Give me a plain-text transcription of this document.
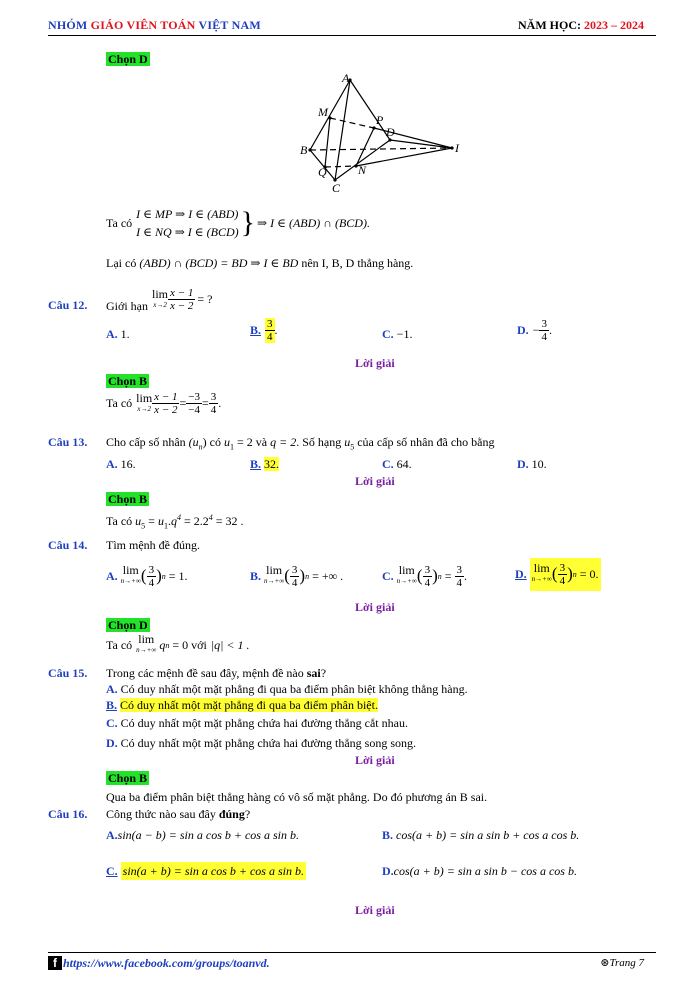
NHÓM GIÁO VIÊN TOÁN VIỆT NAM	NĂM HỌC: 2023 – 2024
Chọn D
A
M
P
D
B	I
Q	N
C
Ta có
I ∈ MP ⇒ I ∈ (ABD)
I ∈ NQ ⇒ I ∈ (BCD) } ⇒ I ∈ (ABD) ∩ (BCD).
Lại có (ABD) ∩ (BCD) = BD ⇒ I ∈ BD nên I, B, D thẳng hàng.
Câu 12. Giới hạn
lim
$x\to 2 \frac{x - 1}{x - 2}$ = ?
A. 1.	B. $\frac{3}{4}$ .	C. −1.	D. − $\frac{3}{4}$ .
Lời giải
Chọn B
Ta có lim
$x\to 2 \frac{x - 1}{x - 2} = \frac{-3}{-4} = \frac{3}{4}$ .
Câu 13. Cho cấp số nhân $(u_n)$ có $u_1 = 2$ và q = 2. Số hạng $u_5$ của cấp số nhân đã cho bằng
A. 16.	B. 32.	C. 64.	D. 10.
Lời giải
Chọn B
Ta có $u_5 = u_1.q^4 = 2.2^4 = 32$ .
Câu 14. Tìm mệnh đề đúng.
A. lim
n→+∞ ( $\frac{3}{4}$ ) n = 1.	B. lim
n→+∞ ( $\frac{3}{4}$ ) n = +∞ .	C. lim
n→+∞ ( $\frac{3}{4}$ ) $n = \frac{3}{4}$ .	D. lim
n→+∞ ( $\frac{3}{4}$ ) n = 0.
Lời giải
Chọn D
Ta có lim
n→+∞ q n = 0 với |q| < 1 .
Câu 15. Trong các mệnh đề sau đây, mệnh đề nào sai?
A. Có duy nhất một mặt phẳng đi qua ba điểm phân biệt không thẳng hàng.
B. Có duy nhất một mặt phẳng đi qua ba điểm phân biệt.
C. Có duy nhất một mặt phẳng chứa hai đường thẳng cắt nhau.
D. Có duy nhất một mặt phẳng chứa hai đường thẳng song song.
Lời giải
Chọn B
Qua ba điểm phân biệt thẳng hàng có vô số mặt phẳng. Do đó phương án B sai.
Câu 16. Công thức nào sau đây đúng?
A.sin(a − b) = sin a cos b + cos a sin b.	B. cos(a + b) = sin a sin b + cos a cos b.
C. sin(a + b) = sin a cos b + cos a sin b.	D.cos(a + b) = sin a sin b − cos a cos b.
Lời giải
f https://www.facebook.com/groups/toanvd.	⊛Trang 7
